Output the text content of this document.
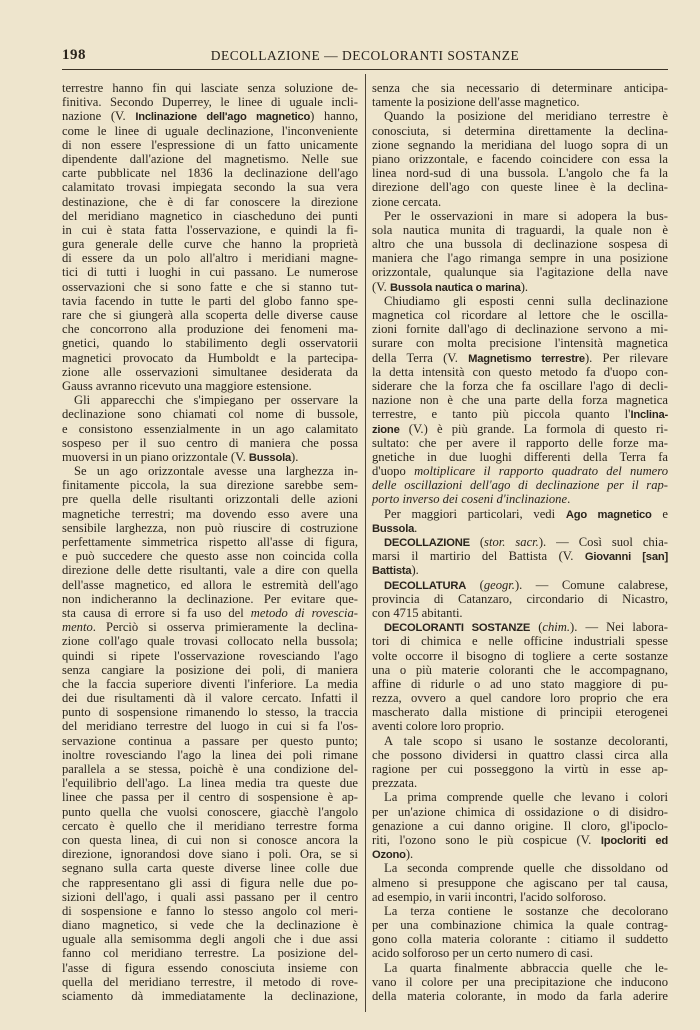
198	DECOLLAZIONE — DECOLORANTI SOSTANZE
terrestre hanno fin qui lasciate senza soluzione de-
finitiva. Secondo Duperrey, le linee di uguale incli-
nazione (V. Inclinazione dell'ago magnetico) hanno,
come le linee di uguale declinazione, l'inconveniente
di non essere l'espressione di un fatto unicamente
dipendente dall'azione del magnetismo. Nelle sue
carte pubblicate nel 1836 la declinazione dell'ago
calamitato trovasi impiegata secondo la sua vera
destinazione, che è di far conoscere la direzione
del meridiano magnetico in ciascheduno dei punti
in cui è stata fatta l'osservazione, e quindi la fi-
gura generale delle curve che hanno la proprietà
di essere da un polo all'altro i meridiani magne-
tici di tutti i luoghi in cui passano. Le numerose
osservazioni che si sono fatte e che si stanno tut-
tavia facendo in tutte le parti del globo fanno spe-
rare che si giungerà alla scoperta delle diverse cause
che concorrono alla produzione dei fenomeni ma-
gnetici, quando lo stabilimento degli osservatorii
magnetici provocato da Humboldt e la partecipa-
zione alle osservazioni simultanee desiderata da
Gauss avranno ricevuto una maggiore estensione.
Gli apparecchi che s'impiegano per osservare la
declinazione sono chiamati col nome di bussole,
e consistono essenzialmente in un ago calamitato
sospeso per il suo centro di maniera che possa
muoversi in un piano orizzontale (V. Bussola).
Se un ago orizzontale avesse una larghezza in-
finitamente piccola, la sua direzione sarebbe sem-
pre quella delle risultanti orizzontali delle azioni
magnetiche terrestri; ma dovendo esso avere una
sensibile larghezza, non può riuscire di costruzione
perfettamente simmetrica rispetto all'asse di figura,
e può succedere che questo asse non coincida colla
direzione delle dette risultanti, vale a dire con quella
dell'asse magnetico, ed allora le estremità dell'ago
non indicheranno la declinazione. Per evitare que-
sta causa di errore si fa uso del metodo di rovescia-
mento. Perciò si osserva primieramente la declina-
zione coll'ago quale trovasi collocato nella bussola;
quindi si ripete l'osservazione rovesciando l'ago
senza cangiare la posizione dei poli, di maniera
che la faccia superiore diventi l'inferiore. La media
dei due risultamenti dà il valore cercato. Infatti il
punto di sospensione rimanendo lo stesso, la traccia
del meridiano terrestre del luogo in cui si fa l'os-
servazione continua a passare per questo punto;
inoltre rovesciando l'ago la linea dei poli rimane
parallela a se stessa, poichè è una condizione del-
l'equilibrio dell'ago. La linea media tra queste due
linee che passa per il centro di sospensione è ap-
punto quella che vuolsi conoscere, giacchè l'angolo
cercato è quello che il meridiano terrestre forma
con questa linea, di cui non si conosce ancora la
direzione, ignorandosi dove siano i poli. Ora, se si
segnano sulla carta queste diverse linee colle due
che rappresentano gli assi di figura nelle due po-
sizioni dell'ago, i quali assi passano per il centro
di sospensione e fanno lo stesso angolo col meri-
diano magnetico, si vede che la declinazione è
uguale alla semisomma degli angoli che i due assi
fanno col meridiano terrestre. La posizione del-
l'asse di figura essendo conosciuta insieme con
quella del meridiano terrestre, il metodo di rove-
sciamento dà immediatamente la declinazione,
senza che sia necessario di determinare anticipa-
tamente la posizione dell'asse magnetico.
Quando la posizione del meridiano terrestre è
conosciuta, si determina direttamente la declina-
zione segnando la meridiana del luogo sopra di un
piano orizzontale, e facendo coincidere con essa la
linea nord-sud di una bussola. L'angolo che fa la
direzione dell'ago con queste linee è la declina-
zione cercata.
Per le osservazioni in mare si adopera la bus-
sola nautica munita di traguardi, la quale non è
altro che una bussola di declinazione sospesa di
maniera che l'ago rimanga sempre in una posizione
orizzontale, qualunque sia l'agitazione della nave
(V. Bussola nautica o marina).
Chiudiamo gli esposti cenni sulla declinazione
magnetica col ricordare al lettore che le oscilla-
zioni fornite dall'ago di declinazione servono a mi-
surare con molta precisione l'intensità magnetica
della Terra (V. Magnetismo terrestre). Per rilevare
la detta intensità con questo metodo fa d'uopo con-
siderare che la forza che fa oscillare l'ago di decli-
nazione non è che una parte della forza magnetica
terrestre, e tanto più piccola quanto l'Inclina-
zione (V.) è più grande. La formola di questo ri-
sultato: che per avere il rapporto delle forze ma-
gnetiche in due luoghi differenti della Terra fa
d'uopo moltiplicare il rapporto quadrato del numero
delle oscillazioni dell'ago di declinazione per il rap-
porto inverso dei coseni d'inclinazione.
Per maggiori particolari, vedi Ago magnetico e
Bussola.
DECOLLAZIONE (stor. sacr.). — Così suol chia-
marsi il martirio del Battista (V. Giovanni [san]
Battista).
DECOLLATURA (geogr.). — Comune calabrese,
provincia di Catanzaro, circondario di Nicastro,
con 4715 abitanti.
DECOLORANTI SOSTANZE (chim.). — Nei labora-
tori di chimica e nelle officine industriali spesse
volte occorre il bisogno di togliere a certe sostanze
una o più materie coloranti che le accompagnano,
affine di ridurle o ad uno stato maggiore di pu-
rezza, ovvero a quel candore loro proprio che era
mascherato dalla mistione di principii eterogenei
aventi colore loro proprio.
A tale scopo si usano le sostanze decoloranti,
che possono dividersi in quattro classi circa alla
ragione per cui posseggono la virtù in esse ap-
prezzata.
La prima comprende quelle che levano i colori
per un'azione chimica di ossidazione o di disidro-
genazione a cui danno origine. Il cloro, gl'ipoclo-
riti, l'ozono sono le più cospicue (V. Ipocloriti ed
Ozono).
La seconda comprende quelle che dissoldano od
almeno si presuppone che agiscano per tal causa,
ad esempio, in varii incontri, l'acido solforoso.
La terza contiene le sostanze che decolorano
per una combinazione chimica la quale contrag-
gono colla materia colorante : citiamo il suddetto
acido solforoso per un certo numero di casi.
La quarta finalmente abbraccia quelle che le-
vano il colore per una precipitazione che inducono
della materia colorante, in modo da farla aderire
